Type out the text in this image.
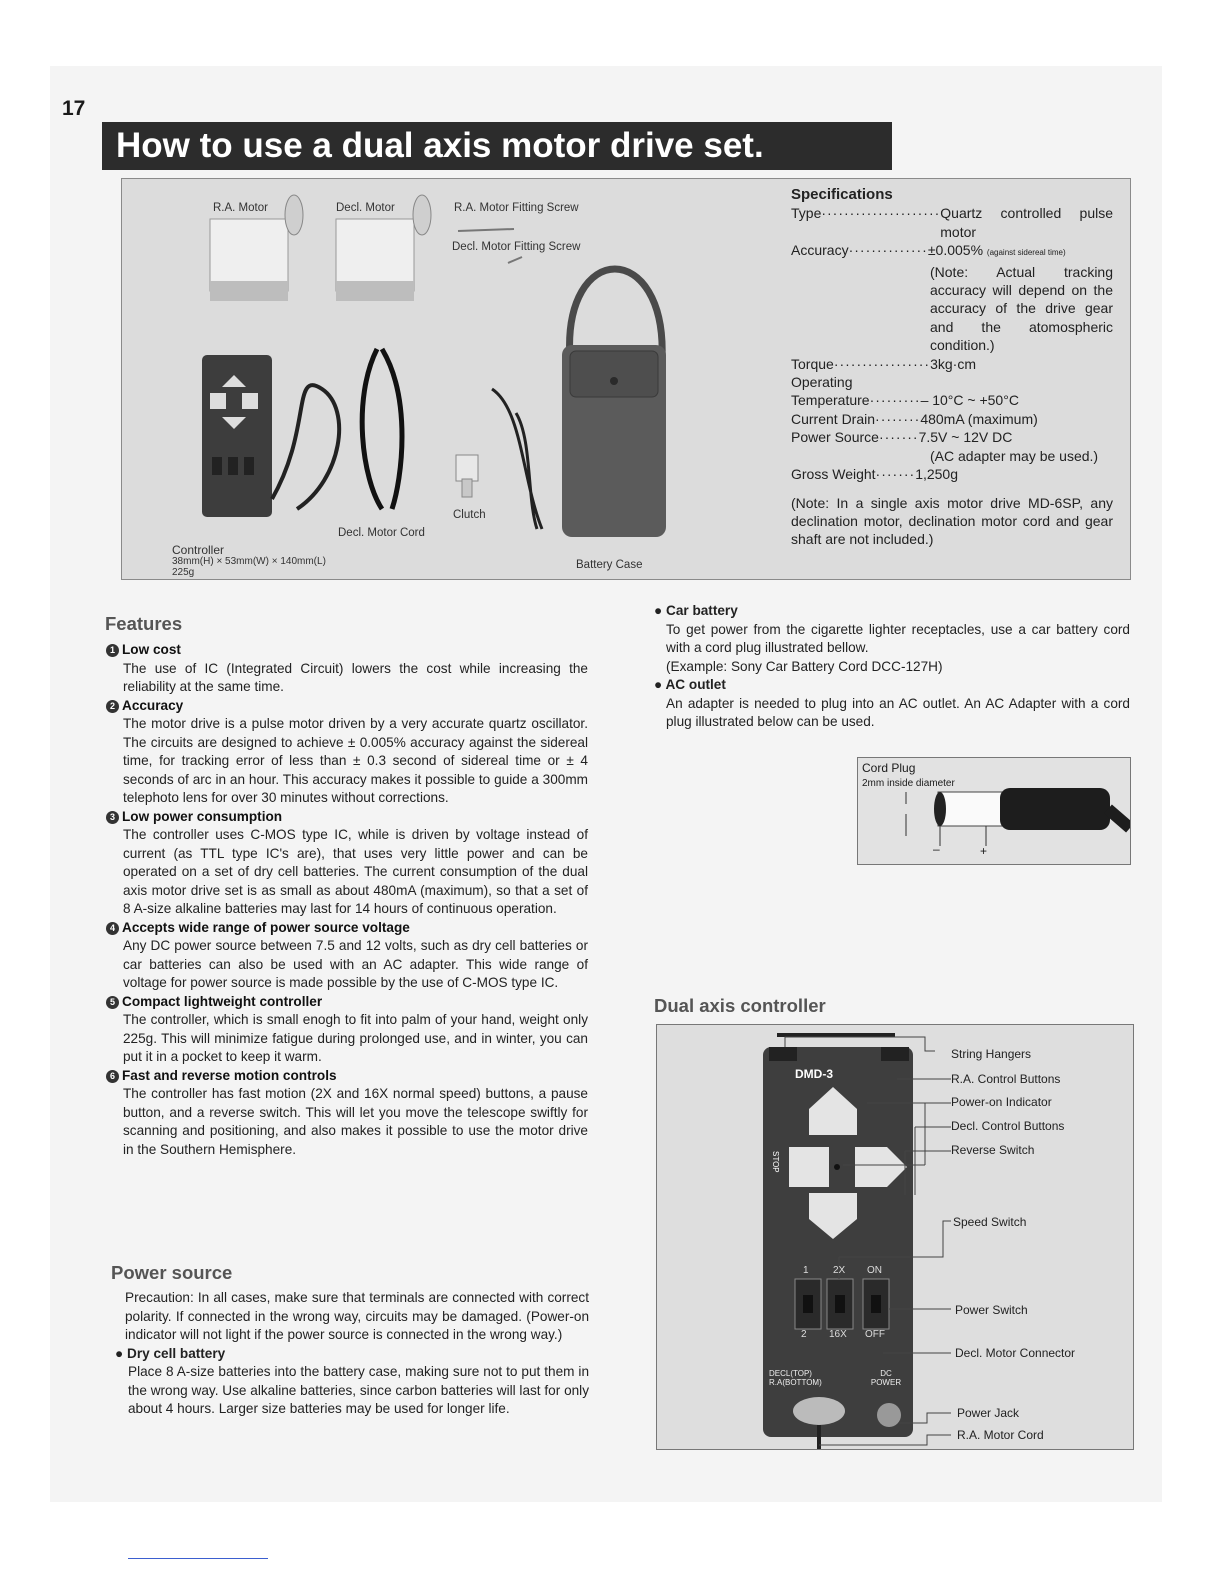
17
How to use a dual axis motor drive set.
R.A. Motor	Decl. Motor	R.A. Motor Fitting Screw
Decl. Motor Fitting Screw
Clutch
Decl. Motor Cord
Controller
38mm(H) × 53mm(W) × 140mm(L)
225g
Battery Case
Specifications
Type ····················· Quartz controlled pulse motor
Accuracy ·············· ±0.005% (against sidereal time)
(Note: Actual tracking accuracy will depend on the accuracy of the drive gear and the atomospheric condition.)
Torque ················· 3kg·cm
Operating
Temperature ········· – 10°C ~ +50°C
Current Drain ········ 480mA (maximum)
Power Source ······· 7.5V ~ 12V DC
(AC adapter may be used.)
Gross Weight ······· 1,250g
(Note: In a single axis motor drive MD-6SP, any declination motor, declination motor cord and gear shaft are not included.)
Features
1 Low cost
The use of IC (Integrated Circuit) lowers the cost while increasing the reliability at the same time.
2 Accuracy
The motor drive is a pulse motor driven by a very accurate quartz oscillator. The circuits are designed to achieve ± 0.005% accuracy against the sidereal time, for tracking error of less than ± 0.3 second of sidereal time or ± 4 seconds of arc in an hour. This accuracy makes it possible to guide a 300mm telephoto lens for over 30 minutes without corrections.
3 Low power consumption
The controller uses C-MOS type IC, while is driven by voltage instead of current (as TTL type IC's are), that uses very little power and can be operated on a set of dry cell batteries. The current consumption of the dual axis motor drive set is as small as about 480mA (maximum), so that a set of 8 A-size alkaline batteries may last for 14 hours of continuous operation.
4 Accepts wide range of power source voltage
Any DC power source between 7.5 and 12 volts, such as dry cell batteries or car batteries can also be used with an AC adapter. This wide range of voltage for power source is made possible by the use of C-MOS type IC.
5 Compact lightweight controller
The controller, which is small enogh to fit into palm of your hand, weight only 225g. This will minimize fatigue during prolonged use, and in winter, you can put it in a pocket to keep it warm.
6 Fast and reverse motion controls
The controller has fast motion (2X and 16X normal speed) buttons, a pause button, and a reverse switch. This will let you move the telescope swiftly for scanning and positioning, and also makes it possible to use the motor drive in the Southern Hemisphere.
Power source
Precaution: In all cases, make sure that terminals are connected with correct polarity. If connected in the wrong way, circuits may be damaged. (Power-on indicator will not light if the power source is connected in the wrong way.)
● Dry cell battery
Place 8 A-size batteries into the battery case, making sure not to put them in the wrong way. Use alkaline batteries, since carbon batteries will last for only about 4 hours. Larger size batteries may be used for longer life.
● Car battery
To get power from the cigarette lighter receptacles, use a car battery cord with a cord plug illustrated bellow.
(Example: Sony Car Battery Cord DCC-127H)
● AC outlet
An adapter is needed to plug into an AC outlet. An AC Adapter with a cord plug illustrated below can be used.
Cord Plug
2mm inside diameter
–	+
Dual axis controller
DMD-3
STOP
1
2
2X
16X
ON
OFF
DECL(TOP) R.A(BOTTOM)
DC POWER
String Hangers
R.A. Control Buttons
Power-on Indicator
Decl. Control Buttons
Reverse Switch
Speed Switch
Power Switch
Decl. Motor Connector
Power Jack
R.A. Motor Cord
